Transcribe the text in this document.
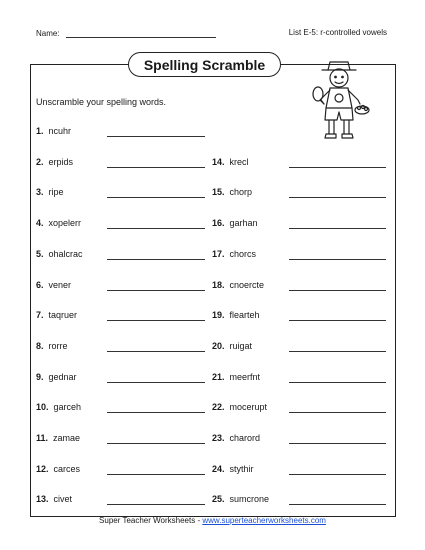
Name:	List E-5: r-controlled vowels
Spelling Scramble
Unscramble your spelling words.
1. ncuhr
2. erpids
3. ripe
4. xopelerr
5. ohalcrac
6. vener
7. taqruer
8. rorre
9. gednar
10. garceh
11. zamae
12. carces
13. civet
14. krecl
15. chorp
16. garhan
17. chorcs
18. cnoercte
19. flearteh
20. ruigat
21. meerfnt
22. mocerupt
23. charord
24. stythir
25. sumcrone
Super Teacher Worksheets - www.superteacherworksheets.com
